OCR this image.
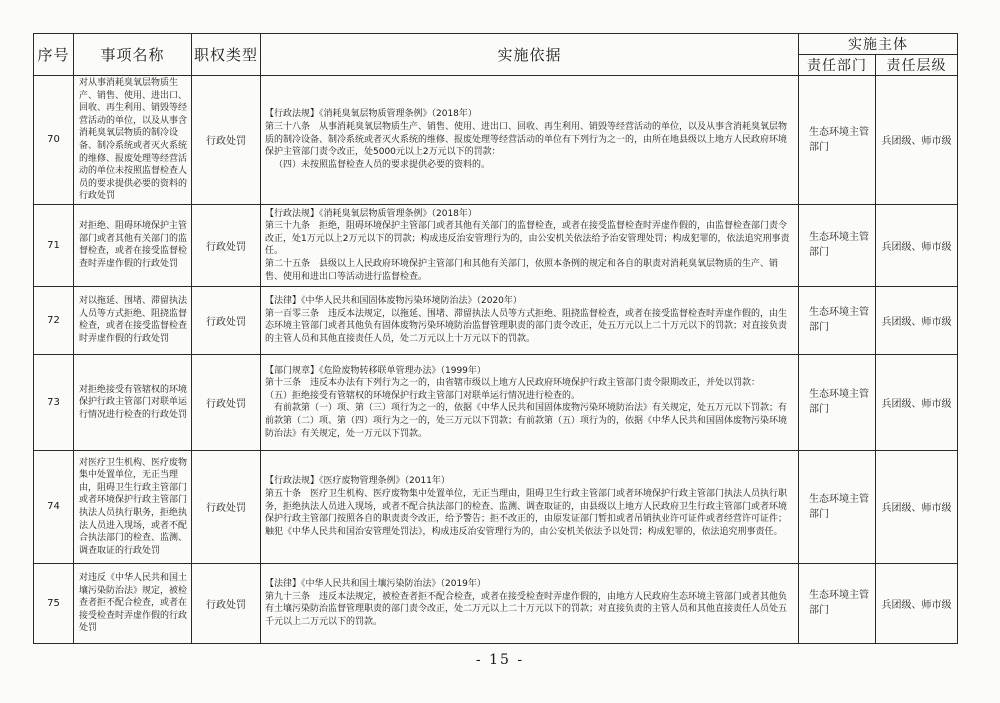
序号	事项名称	职权类型	实施依据	实施主体	
				责任部门	责任层级
70	对从事消耗臭氧层物质生产、销售、使用、进出口、回收、再生利用、销毁等经营活动的单位，以及从事含消耗臭氧层物质的制冷设备、制冷系统或者灭火系统的维修、报废处理等经营活动的单位未按照监督检查人员的要求提供必要的资料的行政处罚	行政处罚	【行政法规】《消耗臭氧层物质管理条例》（2018年）

第三十八条　从事消耗臭氧层物质生产、销售、使用、进出口、回收、再生利用、销毁等经营活动的单位，以及从事含消耗臭氧层物质的制冷设备、制冷系统或者灭火系统的维修、报废处理等经营活动的单位有下列行为之一的，由所在地县级以上地方人民政府环境保护主管部门责令改正，处5000元以上2万元以下的罚款：

（四）未按照监督检查人员的要求提供必要的资料的。	生态环境主管部门	兵团级、师市级
71	对拒绝、阻碍环境保护主管部门或者其他有关部门的监督检查，或者在接受监督检查时弄虚作假的行政处罚	行政处罚	【行政法规】《消耗臭氧层物质管理条例》（2018年）

第三十九条　拒绝，阻碍环境保护主管部门或者其他有关部门的监督检查，或者在接受监督检查时弄虚作假的，由监督检查部门责令改正，处1万元以上2万元以下的罚款；构成违反治安管理行为的，由公安机关依法给予治安管理处罚；构成犯罪的，依法追究刑事责任。

第二十五条　县级以上人民政府环境保护主管部门和其他有关部门，依照本条例的规定和各自的职责对消耗臭氧层物质的生产、销售、使用和进出口等活动进行监督检查。	生态环境主管部门	兵团级、师市级
72	对以拖延、围堵、滞留执法人员等方式拒绝、阻挠监督检查，或者在接受监督检查时弄虚作假的行政处罚	行政处罚	【法律】《中华人民共和国固体废物污染环境防治法》（2020年）

第一百零三条　违反本法规定，以拖延、围堵、滞留执法人员等方式拒绝、阻挠监督检查，或者在接受监督检查时弄虚作假的，由生态环境主管部门或者其他负有固体废物污染环境防治监督管理职责的部门责令改正，处五万元以上二十万元以下的罚款；对直接负责的主管人员和其他直接责任人员，处二万元以上十万元以下的罚款。	生态环境主管部门	兵团级、师市级
73	对拒绝接受有管辖权的环境保护行政主管部门对联单运行情况进行检查的行政处罚	行政处罚	【部门规章】《危险废物转移联单管理办法》（1999年）

第十三条　违反本办法有下列行为之一的，由省辖市级以上地方人民政府环境保护行政主管部门责令限期改正，并处以罚款：

（五）拒绝接受有管辖权的环境保护行政主管部门对联单运行情况进行检查的。

有前款第（一）项、第（三）项行为之一的，依据《中华人民共和国固体废物污染环境防治法》有关规定，处五万元以下罚款；有前款第（二）项、第（四）项行为之一的，处三万元以下罚款；有前款第（五）项行为的，依据《中华人民共和国固体废物污染环境防治法》有关规定，处一万元以下罚款。	生态环境主管部门	兵团级、师市级
74	对医疗卫生机构、医疗废物集中处置单位，无正当理由，阻碍卫生行政主管部门或者环境保护行政主管部门执法人员执行职务，拒绝执法人员进入现场，或者不配合执法部门的检查、监测、调查取证的行政处罚	行政处罚	【行政法规】《医疗废物管理条例》（2011年）

第五十条　医疗卫生机构、医疗废物集中处置单位，无正当理由，阻碍卫生行政主管部门或者环境保护行政主管部门执法人员执行职务，拒绝执法人员进入现场，或者不配合执法部门的检查、监测、调查取证的，由县级以上地方人民政府卫生行政主管部门或者环境保护行政主管部门按照各自的职责责令改正，给予警告；拒不改正的，由原发证部门暂扣或者吊销执业许可证件或者经营许可证件；触犯《中华人民共和国治安管理处罚法》，构成违反治安管理行为的，由公安机关依法予以处罚；构成犯罪的，依法追究刑事责任。	生态环境主管部门	兵团级、师市级
75	对违反《中华人民共和国土壤污染防治法》规定，被检查者拒不配合检查，或者在接受检查时弄虚作假的行政处罚	行政处罚	【法律】《中华人民共和国土壤污染防治法》（2019年）

第九十三条　违反本法规定，被检查者拒不配合检查，或者在接受检查时弄虚作假的，由地方人民政府生态环境主管部门或者其他负有土壤污染防治监督管理职责的部门责令改正，处二万元以上二十万元以下的罚款；对直接负责的主管人员和其他直接责任人员处五千元以上二万元以下的罚款。	生态环境主管部门	兵团级、师市级
- 15 -
